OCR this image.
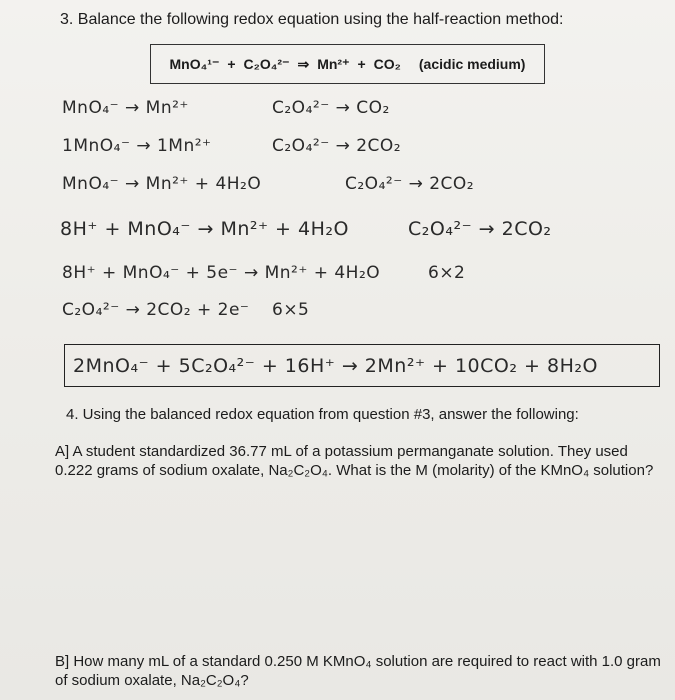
3. Balance the following redox equation using the half-reaction method:
MnO₄¹⁻ + C₂O₄²⁻ ⇒ Mn²⁺ + CO₂ (acidic medium)
MnO₄⁻ → Mn²⁺	C₂O₄²⁻ → CO₂
1MnO₄⁻ → 1Mn²⁺	C₂O₄²⁻ → 2CO₂
MnO₄⁻ → Mn²⁺ + 4H₂O	C₂O₄²⁻ → 2CO₂
8H⁺ + MnO₄⁻ → Mn²⁺ + 4H₂O	C₂O₄²⁻ → 2CO₂
8H⁺ + MnO₄⁻ + 5e⁻ → Mn²⁺ + 4H₂O	6×2
C₂O₄²⁻ → 2CO₂ + 2e⁻ 6×5
2MnO₄⁻ + 5C₂O₄²⁻ + 16H⁺ → 2Mn²⁺ + 10CO₂ + 8H₂O
4. Using the balanced redox equation from question #3, answer the following:
A] A student standardized 36.77 mL of a potassium permanganate solution. They used 0.222 grams of sodium oxalate, Na₂C₂O₄. What is the M (molarity) of the KMnO₄ solution?
B] How many mL of a standard 0.250 M KMnO₄ solution are required to react with 1.0 gram of sodium oxalate, Na₂C₂O₄?
